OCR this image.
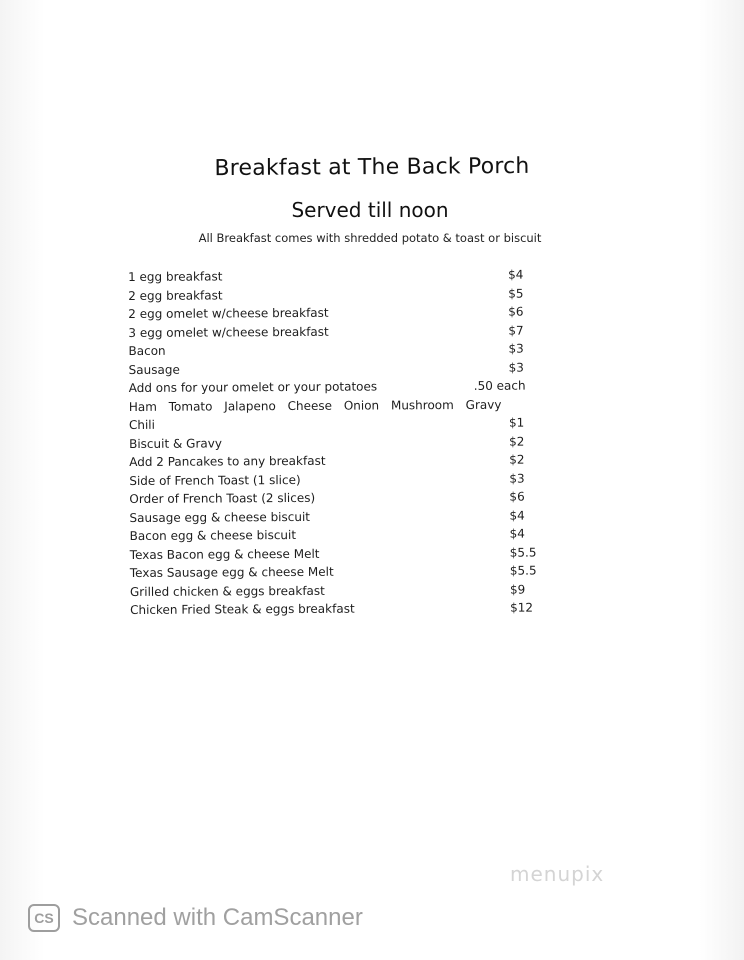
Breakfast at The Back Porch
Served till noon
All Breakfast comes with shredded potato & toast or biscuit
1 egg breakfast	$4
2 egg breakfast	$5
2 egg omelet w/cheese breakfast	$6
3 egg omelet w/cheese breakfast	$7
Bacon	$3
Sausage	$3
Add ons for your omelet or your potatoes	.50 each
Ham Tomato Jalapeno Cheese Onion Mushroom Gravy
Chili	$1
Biscuit & Gravy	$2
Add 2 Pancakes to any breakfast	$2
Side of French Toast (1 slice)	$3
Order of French Toast (2 slices)	$6
Sausage egg & cheese biscuit	$4
Bacon egg & cheese biscuit	$4
Texas Bacon egg & cheese Melt	$5.5
Texas Sausage egg & cheese Melt	$5.5
Grilled chicken & eggs breakfast	$9
Chicken Fried Steak & eggs breakfast	$12
menupix
CS Scanned with CamScanner
